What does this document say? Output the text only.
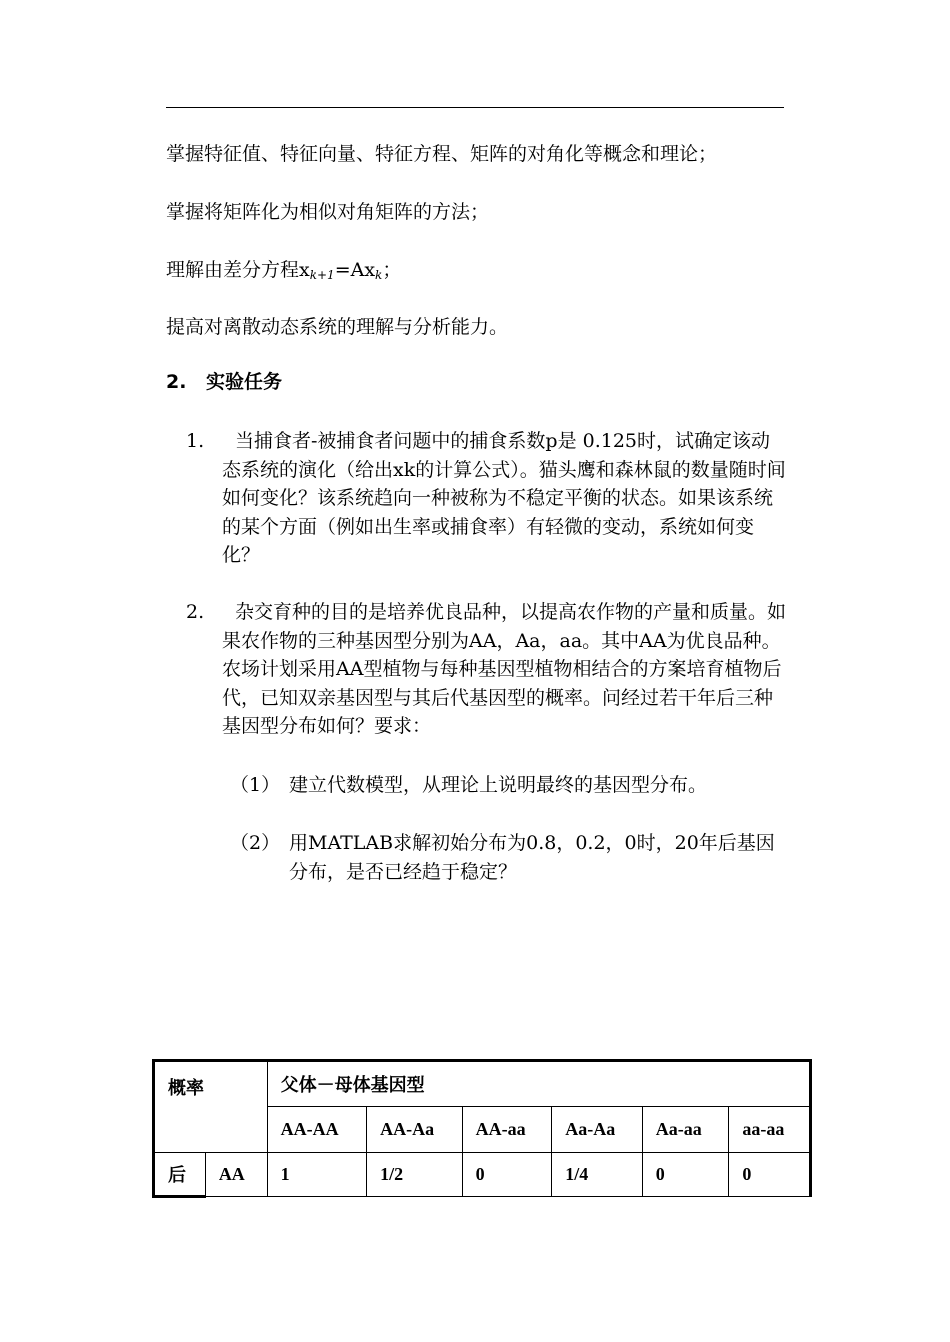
掌握特征值、特征向量、特征方程、矩阵的对角化等概念和理论；
掌握将矩阵化为相似对角矩阵的方法；
理解由差分方程$x_{k+1}=Ax_k$；
提高对离散动态系统的理解与分析能力。
2. 实验任务
1.	当捕食者-被捕食者问题中的捕食系数p是 0.125时，试确定该动态系统的演化（给出xk的计算公式）。猫头鹰和森林鼠的数量随时间如何变化？该系统趋向一种被称为不稳定平衡的状态。如果该系统的某个方面（例如出生率或捕食率）有轻微的变动，系统如何变化？
2.	杂交育种的目的是培养优良品种，以提高农作物的产量和质量。如果农作物的三种基因型分别为AA，Aa，aa。其中AA为优良品种。农场计划采用AA型植物与每种基因型植物相结合的方案培育植物后代，已知双亲基因型与其后代基因型的概率。问经过若干年后三种基因型分布如何？要求：
（1） 建立代数模型，从理论上说明最终的基因型分布。
（2） 用MATLAB求解初始分布为0.8，0.2，0时，20年后基因分布，是否已经趋于稳定？
概率		父体－母体基因型					
		AA-AA	AA-Aa	AA-aa	Aa-Aa	Aa-aa	aa-aa
后	AA	1	1/2	0	1/4	0	0
